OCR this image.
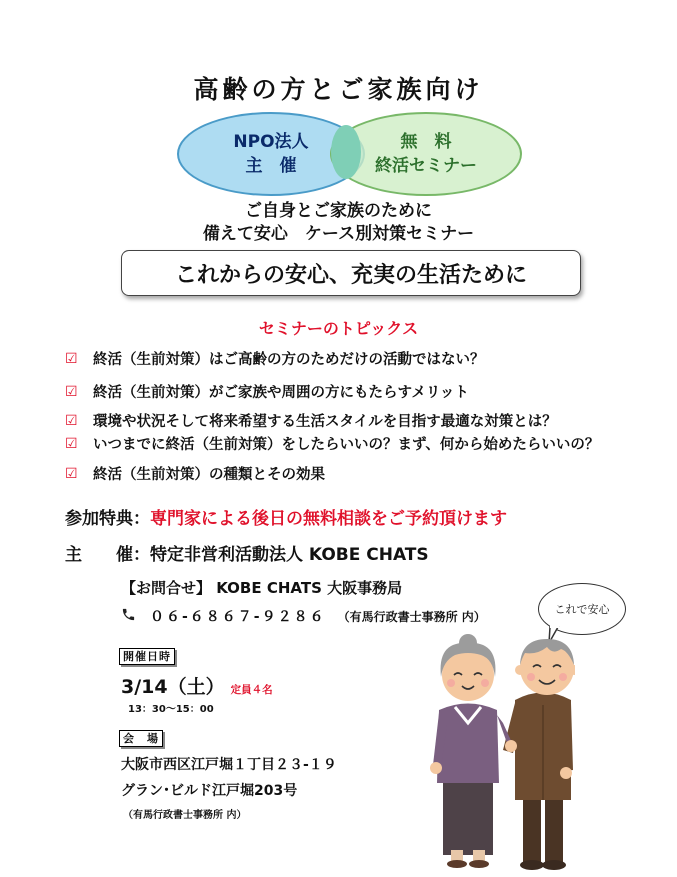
高齢の方とご家族向け
NPO法人
主　催
無　料
終活セミナー
ご自身とご家族のために
備えて安心　ケース別対策セミナー
これからの安心、充実の生活ために
セミナーのトピックス
☑ 終活（生前対策）はご高齢の方のためだけの活動ではない？
☑ 終活（生前対策）がご家族や周囲の方にもたらすメリット
☑ 環境や状況そして将来希望する生活スタイルを目指す最適な対策とは？
☑ いつまでに終活（生前対策）をしたらいいの？まず、何から始めたらいいの？
☑ 終活（生前対策）の種類とその効果
参加特典：専門家による後日の無料相談をご予約頂けます
主　　催：特定非営利活動法人 KOBE CHATS
【お問合せ】 KOBE CHATS 大阪事務局
０６-６８６７-９２８６ （有馬行政書士事務所 内）
開催日時
3/14（土） 定員４名
13：30～15：00
会　場
大阪市西区江戸堀１丁目２３-１９
グラン･ビルド江戸堀203号
（有馬行政書士事務所 内）
これで安心
